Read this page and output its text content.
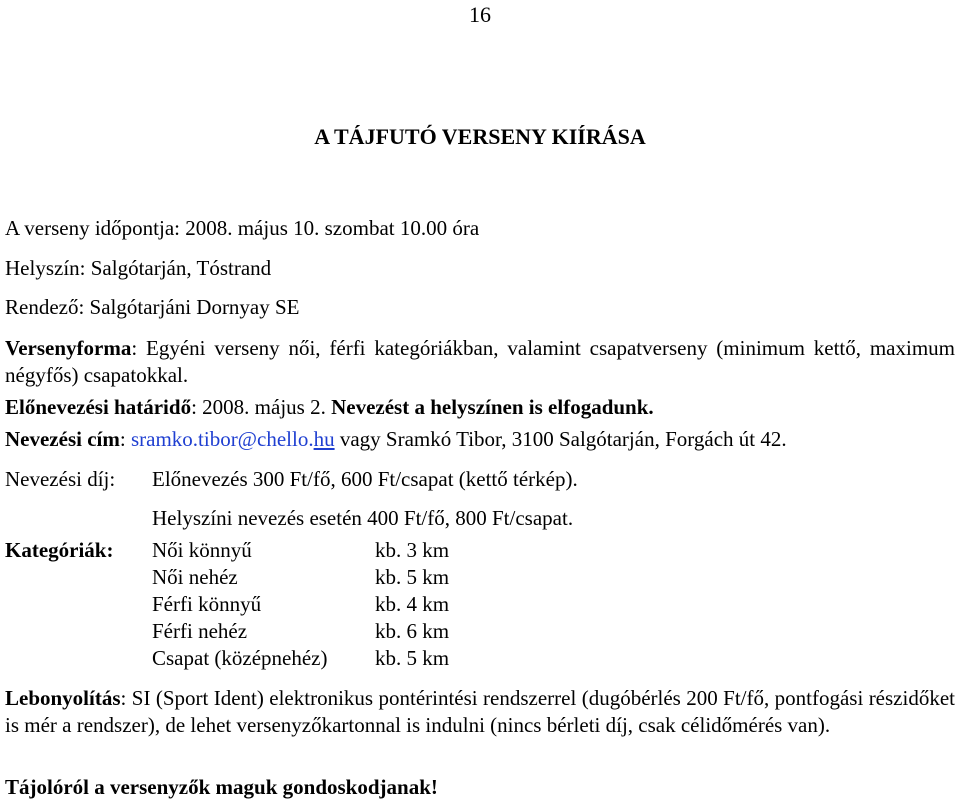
16
A TÁJFUTÓ VERSENY KIÍRÁSA
A verseny időpontja: 2008. május 10. szombat 10.00 óra
Helyszín: Salgótarján, Tóstrand
Rendező: Salgótarjáni Dornyay SE
Versenyforma: Egyéni verseny női, férfi kategóriákban, valamint csapatverseny (minimum kettő, maximum négyfős) csapatokkal.
Előnevezési határidő: 2008. május 2. Nevezést a helyszínen is elfogadunk.
Nevezési cím: sramko.tibor@chello.hu vagy Sramkó Tibor, 3100 Salgótarján, Forgách út 42.
Nevezési díj: Előnevezés 300 Ft/fő, 600 Ft/csapat (kettő térkép).
Helyszíni nevezés esetén 400 Ft/fő, 800 Ft/csapat.
Kategóriák: Női könnyű	kb. 3 km
Női nehéz	kb. 5 km
Férfi könnyű	kb. 4 km
Férfi nehéz	kb. 6 km
Csapat (középnehéz) kb. 5 km
Lebonyolítás: SI (Sport Ident) elektronikus pontérintési rendszerrel (dugóbérlés 200 Ft/fő, pontfogási részidőket is mér a rendszer), de lehet versenyzőkartonnal is indulni (nincs bérleti díj, csak célidőmérés van).
Tájolóról a versenyzők maguk gondoskodjanak!
